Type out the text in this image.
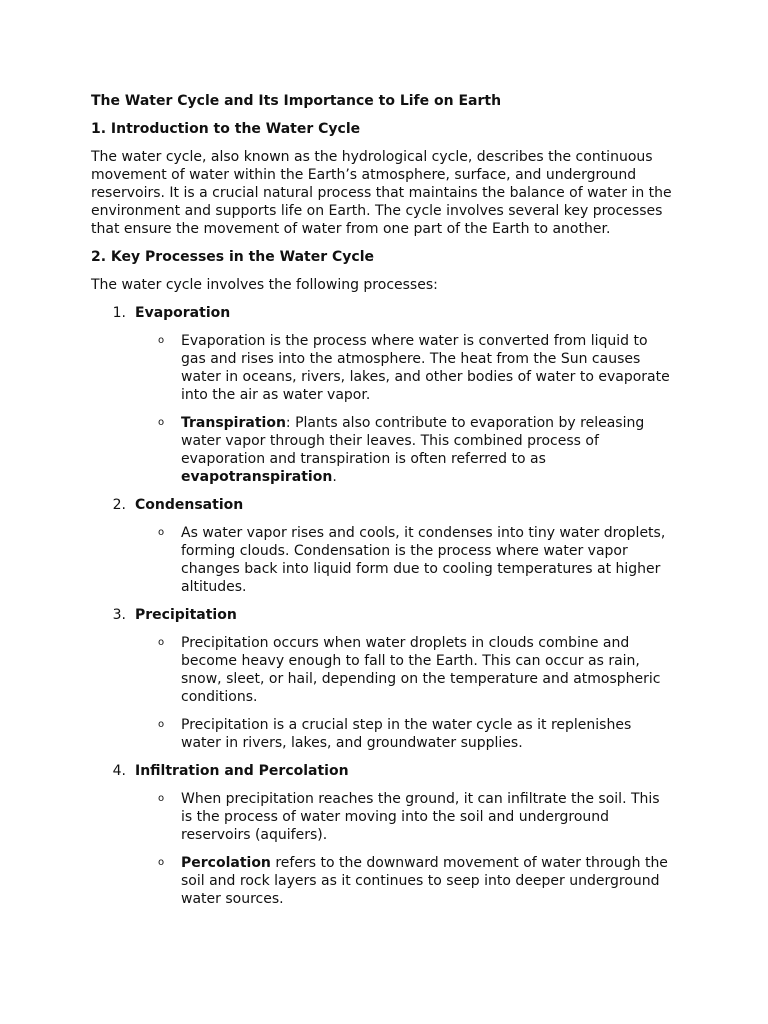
The Water Cycle and Its Importance to Life on Earth
1. Introduction to the Water Cycle
The water cycle, also known as the hydrological cycle, describes the continuous movement of water within the Earth’s atmosphere, surface, and underground reservoirs. It is a crucial natural process that maintains the balance of water in the environment and supports life on Earth. The cycle involves several key processes that ensure the movement of water from one part of the Earth to another.
2. Key Processes in the Water Cycle
The water cycle involves the following processes:
1. Evaporation
o Evaporation is the process where water is converted from liquid to gas and rises into the atmosphere. The heat from the Sun causes water in oceans, rivers, lakes, and other bodies of water to evaporate into the air as water vapor.
o Transpiration: Plants also contribute to evaporation by releasing water vapor through their leaves. This combined process of evaporation and transpiration is often referred to as evapotranspiration.
2. Condensation
o As water vapor rises and cools, it condenses into tiny water droplets, forming clouds. Condensation is the process where water vapor changes back into liquid form due to cooling temperatures at higher altitudes.
3. Precipitation
o Precipitation occurs when water droplets in clouds combine and become heavy enough to fall to the Earth. This can occur as rain, snow, sleet, or hail, depending on the temperature and atmospheric conditions.
o Precipitation is a crucial step in the water cycle as it replenishes water in rivers, lakes, and groundwater supplies.
4. Infiltration and Percolation
o When precipitation reaches the ground, it can infiltrate the soil. This is the process of water moving into the soil and underground reservoirs (aquifers).
o Percolation refers to the downward movement of water through the soil and rock layers as it continues to seep into deeper underground water sources.
